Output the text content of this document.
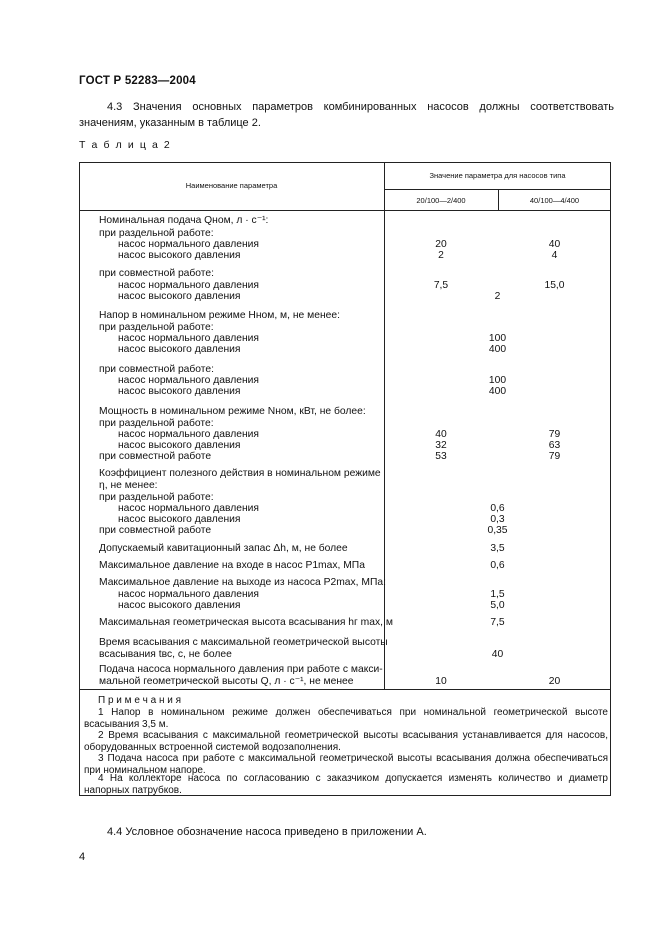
ГОСТ Р 52283—2004
4.3 Значения основных параметров комбинированных насосов должны соответствовать значениям, указанным в таблице 2.
Т а б л и ц а 2
Наименование параметра
Значение параметра для насосов типа
20/100—2/400	40/100—4/400
Номинальная подача Qном, л · с⁻¹:
при раздельной работе:
насос нормального давления	20	40
насос высокого давления	2	4
при совместной работе:
насос нормального давления	7,5	15,0
насос высокого давления	2
Напор в номинальном режиме Hном, м, не менее:
при раздельной работе:
насос нормального давления	100
насос высокого давления	400
при совместной работе:
насос нормального давления	100
насос высокого давления	400
Мощность в номинальном режиме Nном, кВт, не более:
при раздельной работе:
насос нормального давления	40	79
насос высокого давления	32	63
при совместной работе	53	79
Коэффициент полезного действия в номинальном режиме
η, не менее:
при раздельной работе:
насос нормального давления	0,6
насос высокого давления	0,3
при совместной работе	0,35
Допускаемый кавитационный запас Δh, м, не более	3,5
Максимальное давление на входе в насос P1max, МПа	0,6
Максимальное давление на выходе из насоса P2max, МПа:
насос нормального давления	1,5
насос высокого давления	5,0
Максимальная геометрическая высота всасывания hг max, м	7,5
Время всасывания с максимальной геометрической высоты
всасывания tвс, с, не более	40
Подача насоса нормального давления при работе с макси-
мальной геометрической высоты Q, л · с⁻¹, не менее	10	20
П р и м е ч а н и я
1 Напор в номинальном режиме должен обеспечиваться при номинальной геометрической высоте всасывания 3,5 м.
2 Время всасывания с максимальной геометрической высоты всасывания устанавливается для насосов, оборудованных встроенной системой водозаполнения.
3 Подача насоса при работе с максимальной геометрической высоты всасывания должна обеспечиваться при номинальном напоре.
4 На коллекторе насоса по согласованию с заказчиком допускается изменять количество и диаметр напорных патрубков.
4.4 Условное обозначение насоса приведено в приложении А.
4
